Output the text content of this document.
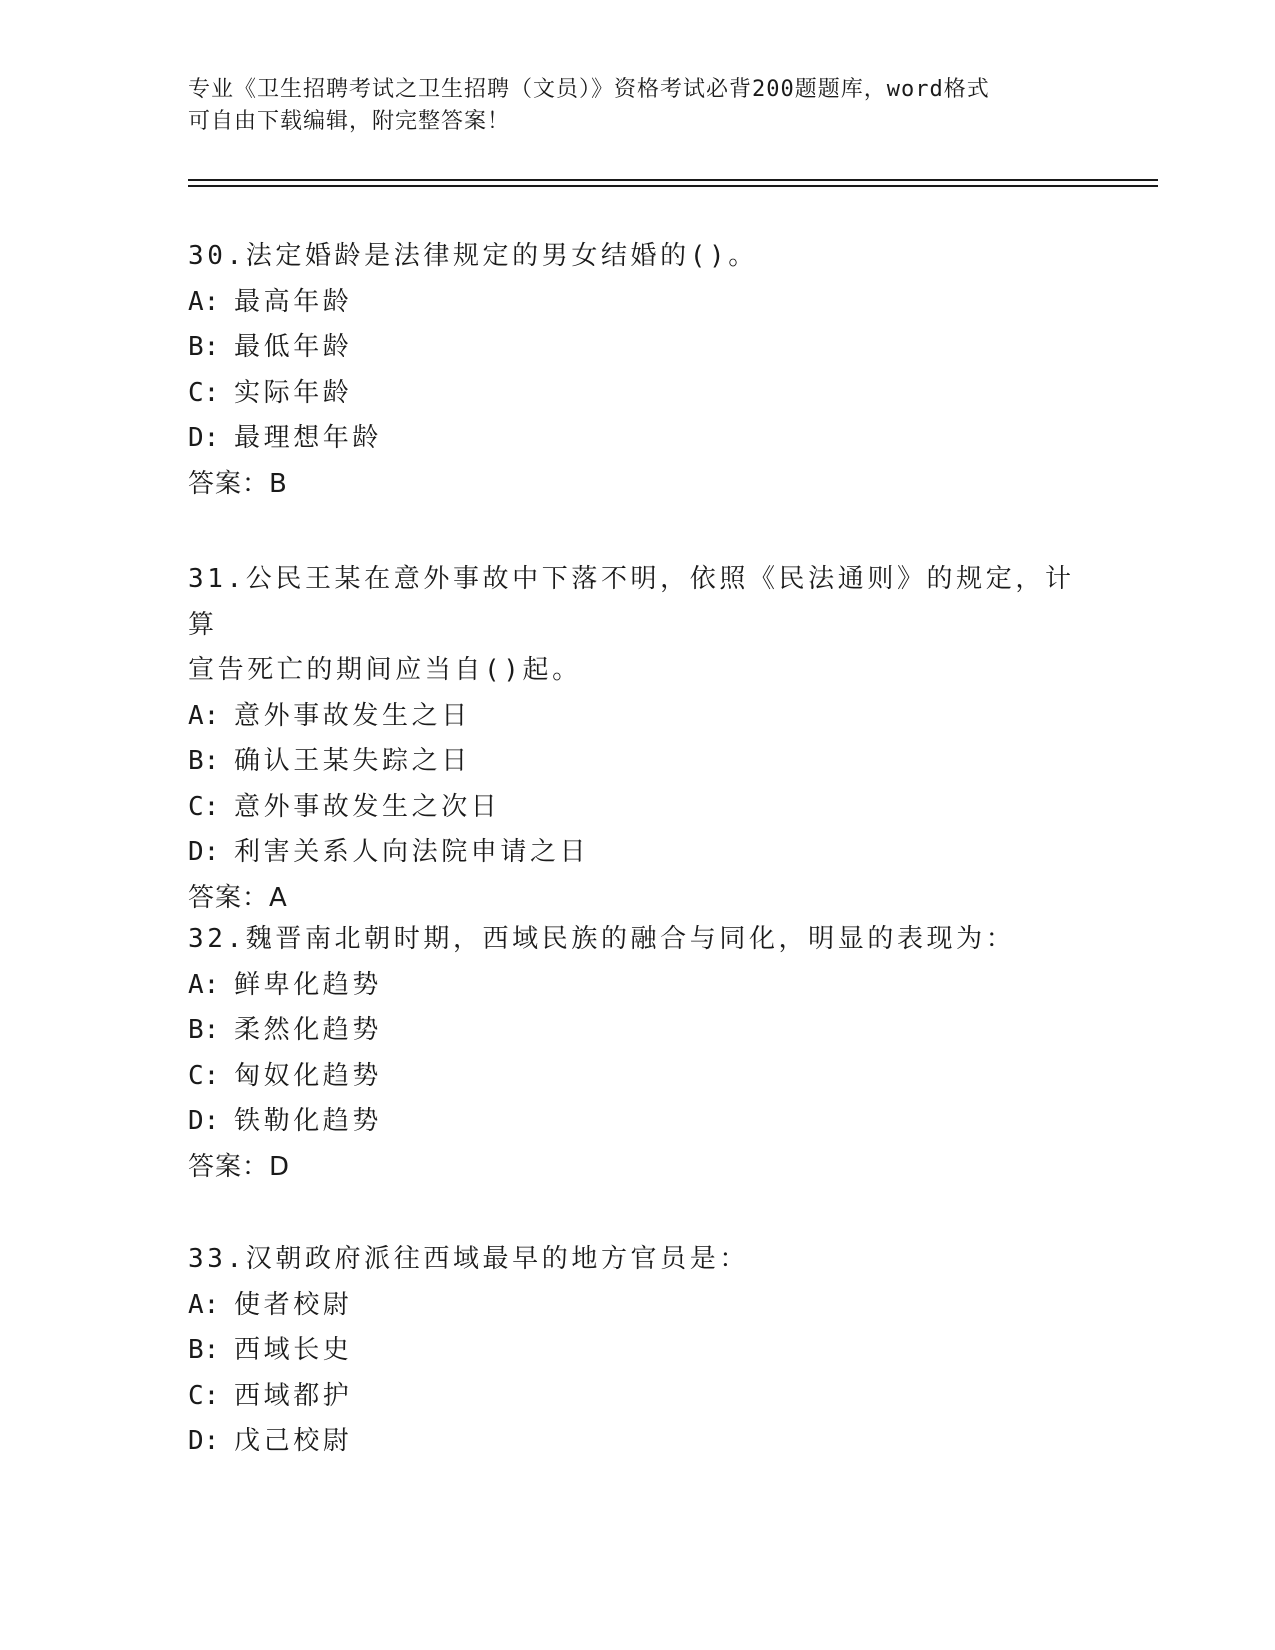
专业《卫生招聘考试之卫生招聘（文员）》资格考试必背200题题库，word格式
可自由下载编辑，附完整答案！

30.法定婚龄是法律规定的男女结婚的()。

A: 最高年龄

B: 最低年龄

C: 实际年龄

D: 最理想年龄

答案：B

31.公民王某在意外事故中下落不明，依照《民法通则》的规定，计算

宣告死亡的期间应当自()起。

A: 意外事故发生之日

B: 确认王某失踪之日

C: 意外事故发生之次日

D: 利害关系人向法院申请之日

答案：A

32.魏晋南北朝时期，西域民族的融合与同化，明显的表现为：

A: 鲜卑化趋势

B: 柔然化趋势

C: 匈奴化趋势

D: 铁勒化趋势

答案：D

33.汉朝政府派往西域最早的地方官员是：

A: 使者校尉

B: 西域长史

C: 西域都护

D: 戊己校尉
